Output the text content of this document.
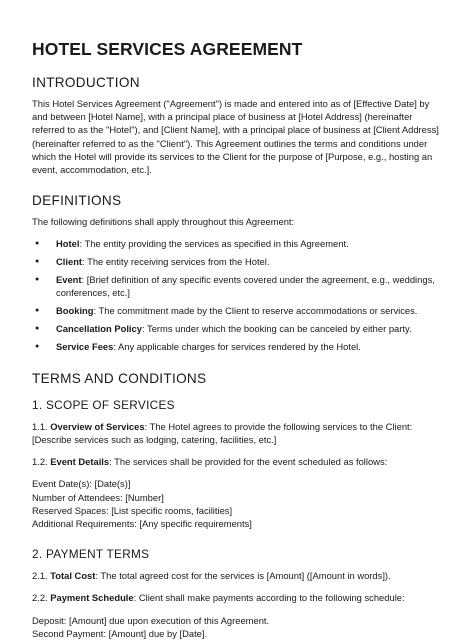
HOTEL SERVICES AGREEMENT
INTRODUCTION

This Hotel Services Agreement ("Agreement") is made and entered into as of [Effective Date] by and between [Hotel Name], with a principal place of business at [Hotel Address] (hereinafter referred to as the "Hotel"), and [Client Name], with a principal place of business at [Client Address] (hereinafter referred to as the "Client"). This Agreement outlines the terms and conditions under which the Hotel will provide its services to the Client for the purpose of [Purpose, e.g., hosting an event, accommodation, etc.].

DEFINITIONS

The following definitions shall apply throughout this Agreement:

● Hotel: The entity providing the services as specified in this Agreement.
● Client: The entity receiving services from the Hotel.
● Event: [Brief definition of any specific events covered under the agreement, e.g., weddings, conferences, etc.]
● Booking: The commitment made by the Client to reserve accommodations or services.
● Cancellation Policy: Terms under which the booking can be canceled by either party.
● Service Fees: Any applicable charges for services rendered by the Hotel.
TERMS AND CONDITIONS
1. SCOPE OF SERVICES

1.1. Overview of Services: The Hotel agrees to provide the following services to the Client: [Describe services such as lodging, catering, facilities, etc.]

1.2. Event Details: The services shall be provided for the event scheduled as follows:

Event Date(s): [Date(s)]

Number of Attendees: [Number]

Reserved Spaces: [List specific rooms, facilities]

Additional Requirements: [Any specific requirements]

2. PAYMENT TERMS

2.1. Total Cost: The total agreed cost for the services is [Amount] ([Amount in words]).

2.2. Payment Schedule: Client shall make payments according to the following schedule:

Deposit: [Amount] due upon execution of this Agreement.

Second Payment: [Amount] due by [Date].
